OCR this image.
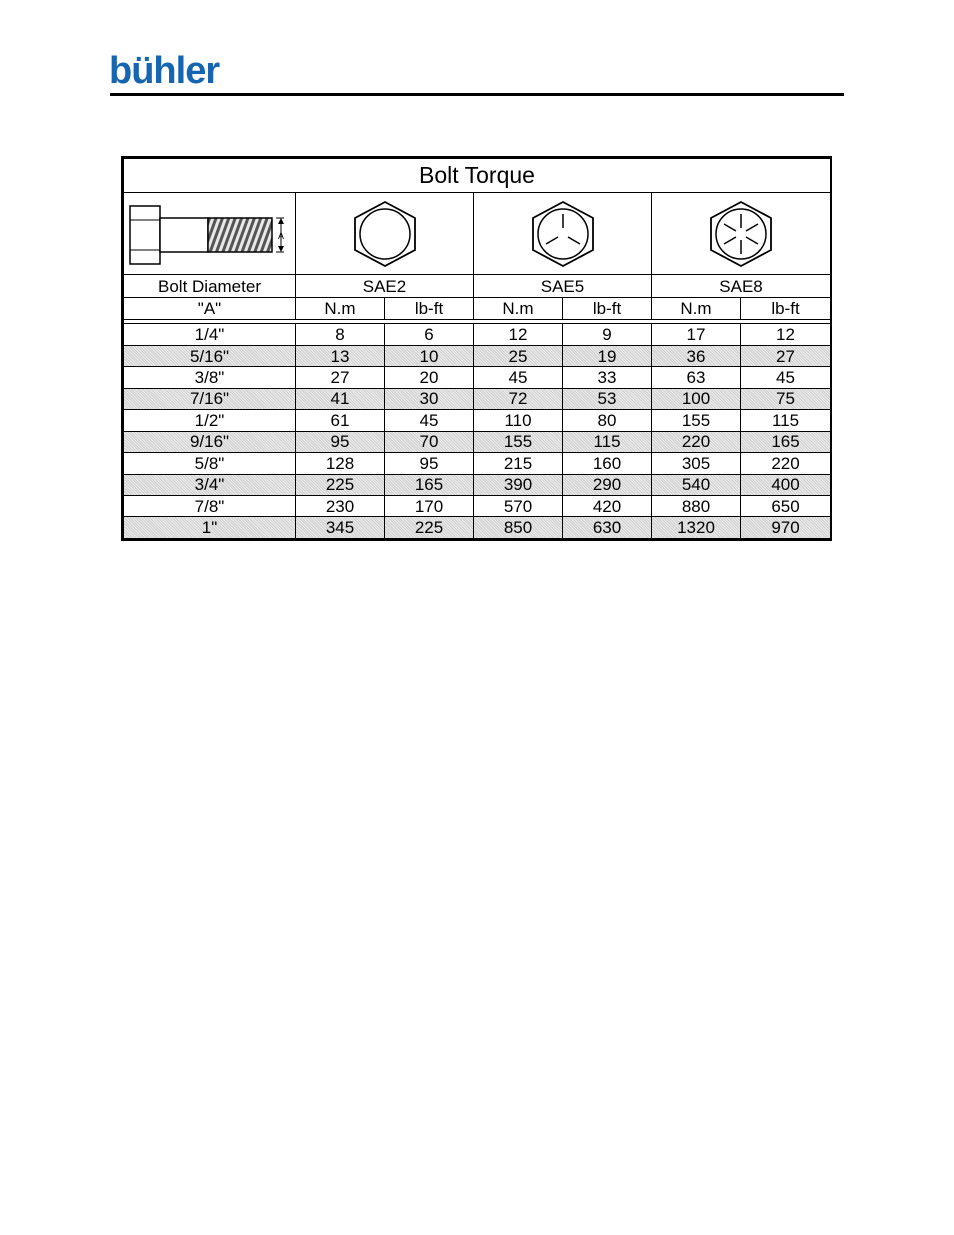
bühler
Bolt Torque						

A

Bolt Diameter	SAE2		SAE5		SAE8	
"A"	N.m	lb-ft	N.m	lb-ft	N.m	lb-ft

1/4"	8	6	12	9	17	12
5/16"	13	10	25	19	36	27
3/8"	27	20	45	33	63	45
7/16"	41	30	72	53	100	75
1/2"	61	45	110	80	155	115
9/16"	95	70	155	115	220	165
5/8"	128	95	215	160	305	220
3/4"	225	165	390	290	540	400
7/8"	230	170	570	420	880	650
1"	345	225	850	630	1320	970
